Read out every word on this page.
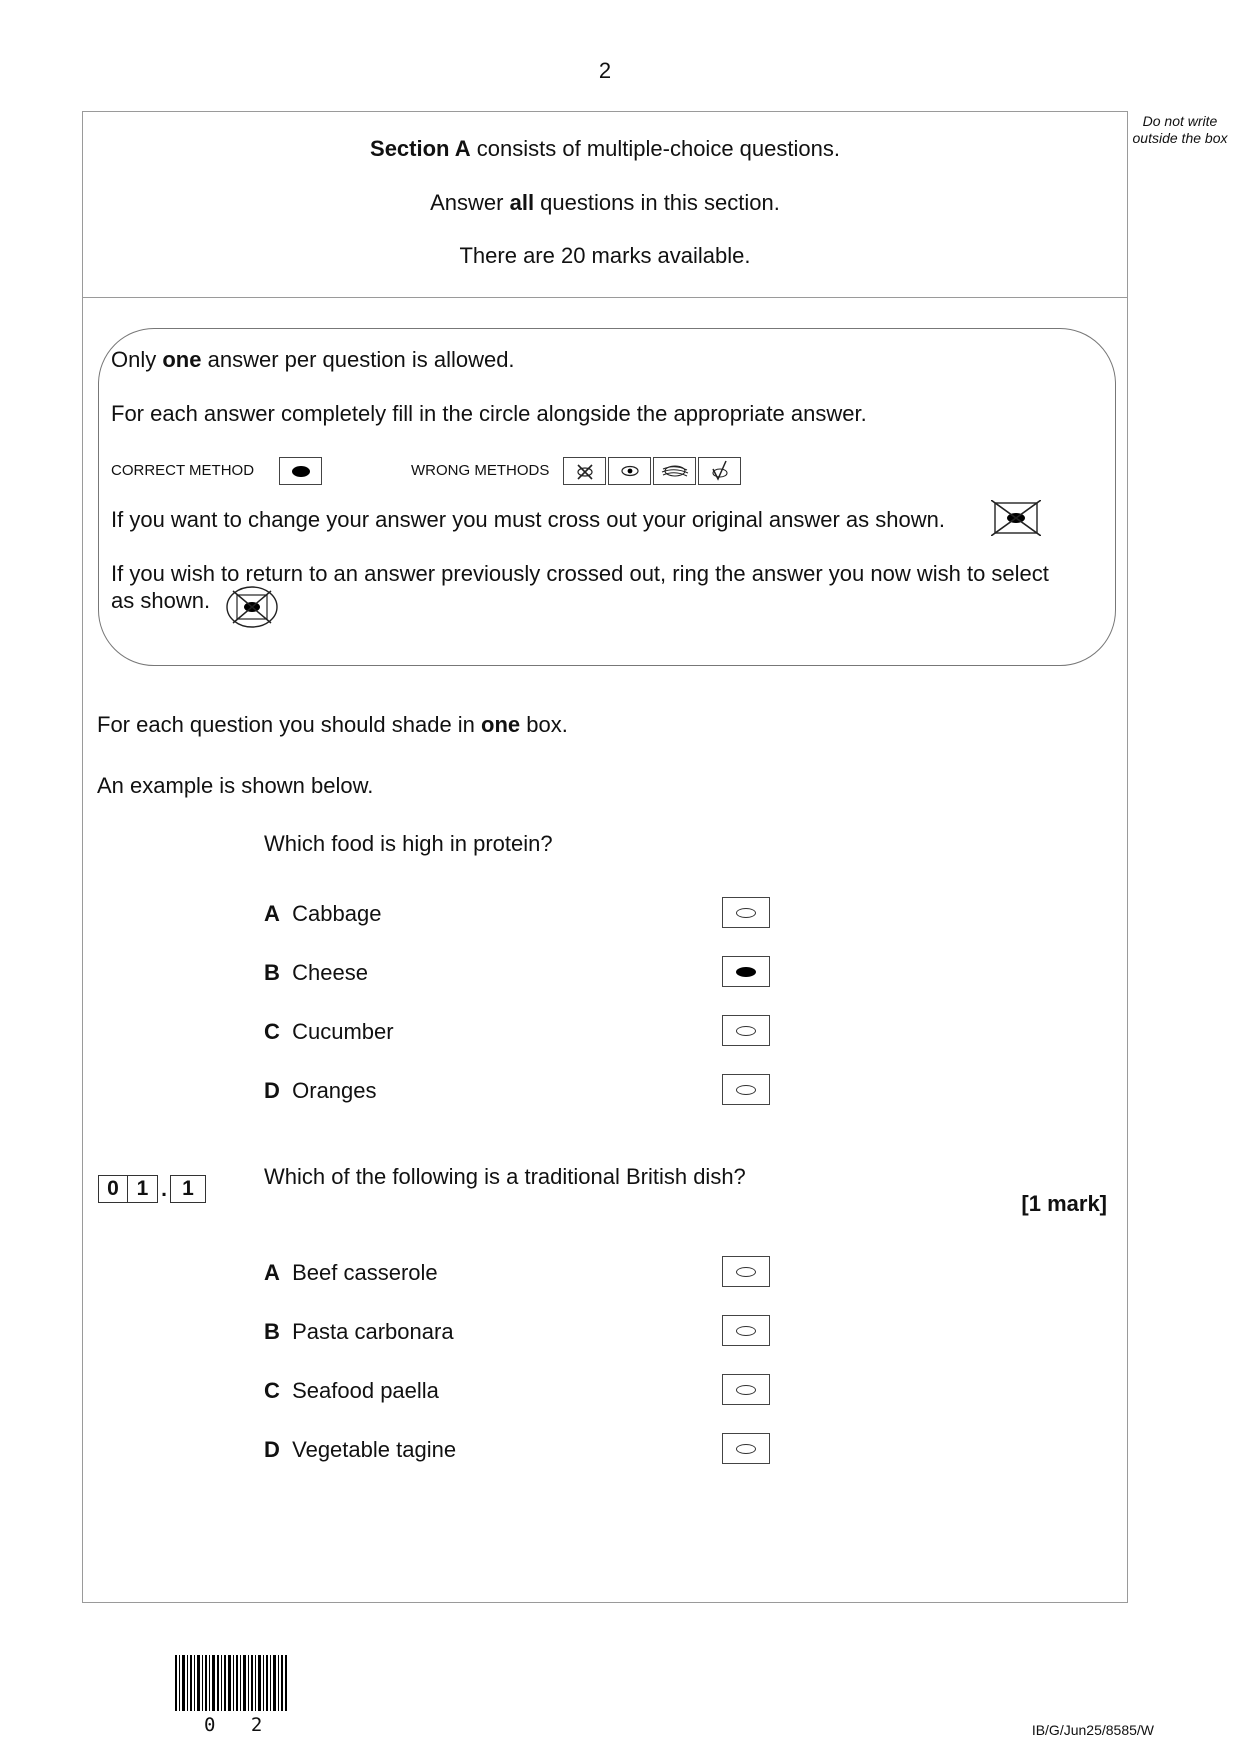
2
Do not write outside the box
Section A consists of multiple-choice questions.
Answer all questions in this section.
There are 20 marks available.
Only one answer per question is allowed.
For each answer completely fill in the circle alongside the appropriate answer.
CORRECT METHOD	WRONG METHODS
If you want to change your answer you must cross out your original answer as shown.
If you wish to return to an answer previously crossed out, ring the answer you now wish to select
as shown.
For each question you should shade in one box.
An example is shown below.
Which food is high in protein?
A Cabbage
B Cheese
C Cucumber
D Oranges
0 1 . 1	Which of the following is a traditional British dish?
[1 mark]
A Beef casserole
B Pasta carbonara
C Seafood paella
D Vegetable tagine
0 2	IB/G/Jun25/8585/W
